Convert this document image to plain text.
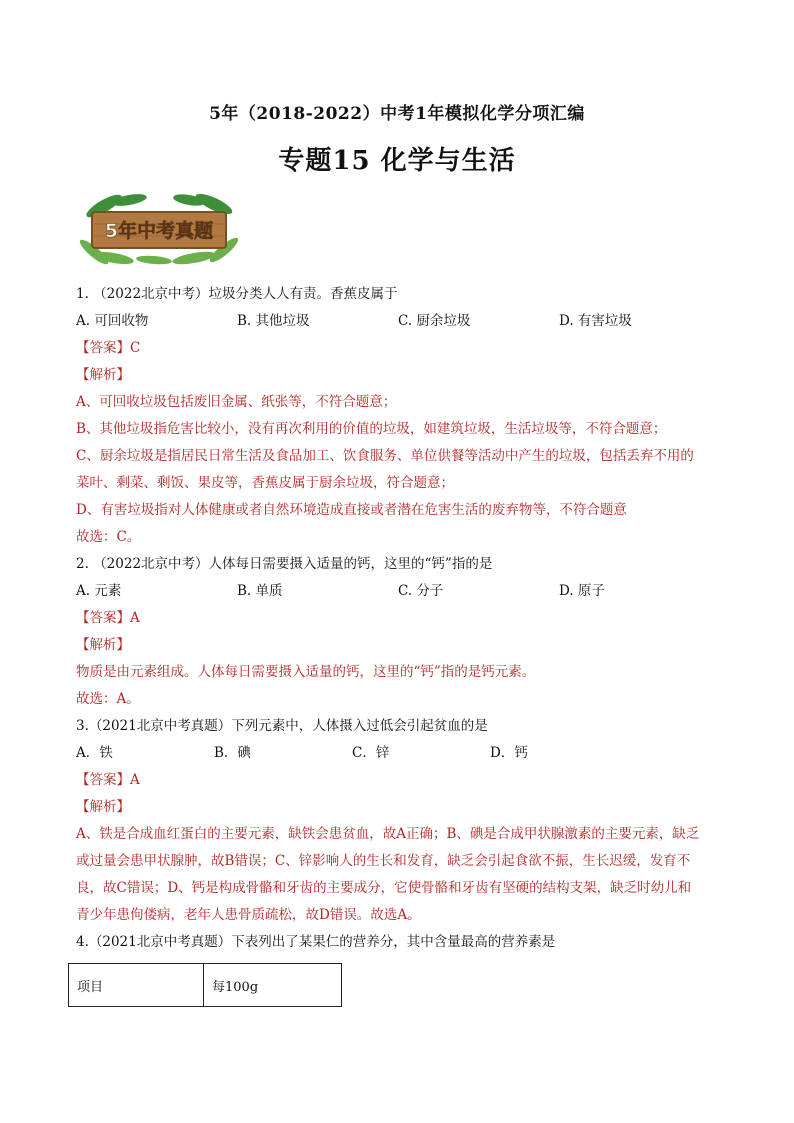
5年（2018-2022）中考1年模拟化学分项汇编
专题15 化学与生活
5年中考真题
1. （2022北京中考）垃圾分类人人有责。香蕉皮属于
A. 可回收物	B. 其他垃圾	C. 厨余垃圾	D. 有害垃圾
【答案】C
【解析】
A、可回收垃圾包括废旧金属、纸张等，不符合题意；
B、其他垃圾指危害比较小，没有再次利用的价值的垃圾，如建筑垃圾，生活垃圾等，不符合题意；
C、厨余垃圾是指居民日常生活及食品加工、饮食服务、单位供餐等活动中产生的垃圾，包括丢弃不用的
菜叶、剩菜、剩饭、果皮等，香蕉皮属于厨余垃圾，符合题意；
D、有害垃圾指对人体健康或者自然环境造成直接或者潜在危害生活的废弃物等，不符合题意
故选：C。
2. （2022北京中考）人体每日需要摄入适量的钙，这里的“钙”指的是
A. 元素	B. 单质	C. 分子	D. 原子
【答案】A
【解析】
物质是由元素组成。人体每日需要摄入适量的钙，这里的“钙”指的是钙元素。
故选：A。
3.（2021北京中考真题）下列元素中，人体摄入过低会引起贫血的是
A．铁	B．碘	C．锌	D．钙
【答案】A
【解析】
A、铁是合成血红蛋白的主要元素，缺铁会患贫血，故A正确；B、碘是合成甲状腺激素的主要元素，缺乏
或过量会患甲状腺肿，故B错误；C、锌影响人的生长和发育，缺乏会引起食欲不振，生长迟缓，发育不
良，故C错误；D、钙是构成骨骼和牙齿的主要成分，它使骨骼和牙齿有坚硬的结构支架，缺乏时幼儿和
青少年患佝偻病，老年人患骨质疏松，故D错误。故选A。
4.（2021北京中考真题）下表列出了某果仁的营养分，其中含量最高的营养素是
项目	每100g
